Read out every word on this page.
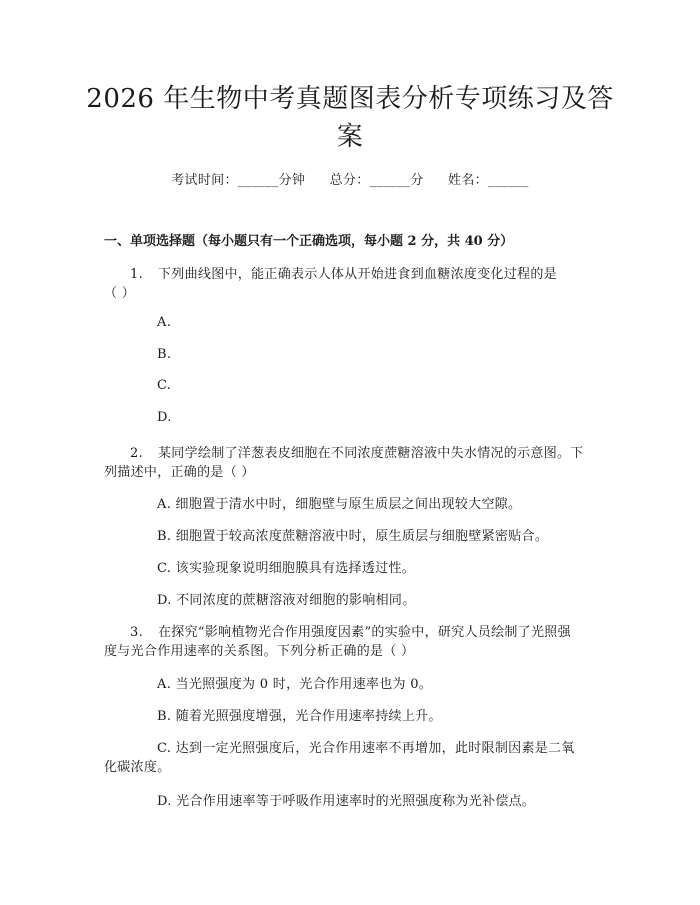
2026 年生物中考真题图表分析专项练习及答
案
考试时间：______分钟 总分：______分 姓名：______
一、单项选择题（每小题只有一个正确选项，每小题 2 分，共 40 分）
1. 下列曲线图中，能正确表示人体从开始进食到血糖浓度变化过程的是
（ ）
A.
B.
C.
D.
2. 某同学绘制了洋葱表皮细胞在不同浓度蔗糖溶液中失水情况的示意图。下
列描述中，正确的是（ ）
A. 细胞置于清水中时，细胞壁与原生质层之间出现较大空隙。
B. 细胞置于较高浓度蔗糖溶液中时，原生质层与细胞壁紧密贴合。
C. 该实验现象说明细胞膜具有选择透过性。
D. 不同浓度的蔗糖溶液对细胞的影响相同。
3. 在探究“影响植物光合作用强度因素”的实验中，研究人员绘制了光照强
度与光合作用速率的关系图。下列分析正确的是（ ）
A. 当光照强度为 0 时，光合作用速率也为 0。
B. 随着光照强度增强，光合作用速率持续上升。
C. 达到一定光照强度后，光合作用速率不再增加，此时限制因素是二氧
化碳浓度。
D. 光合作用速率等于呼吸作用速率时的光照强度称为光补偿点。
